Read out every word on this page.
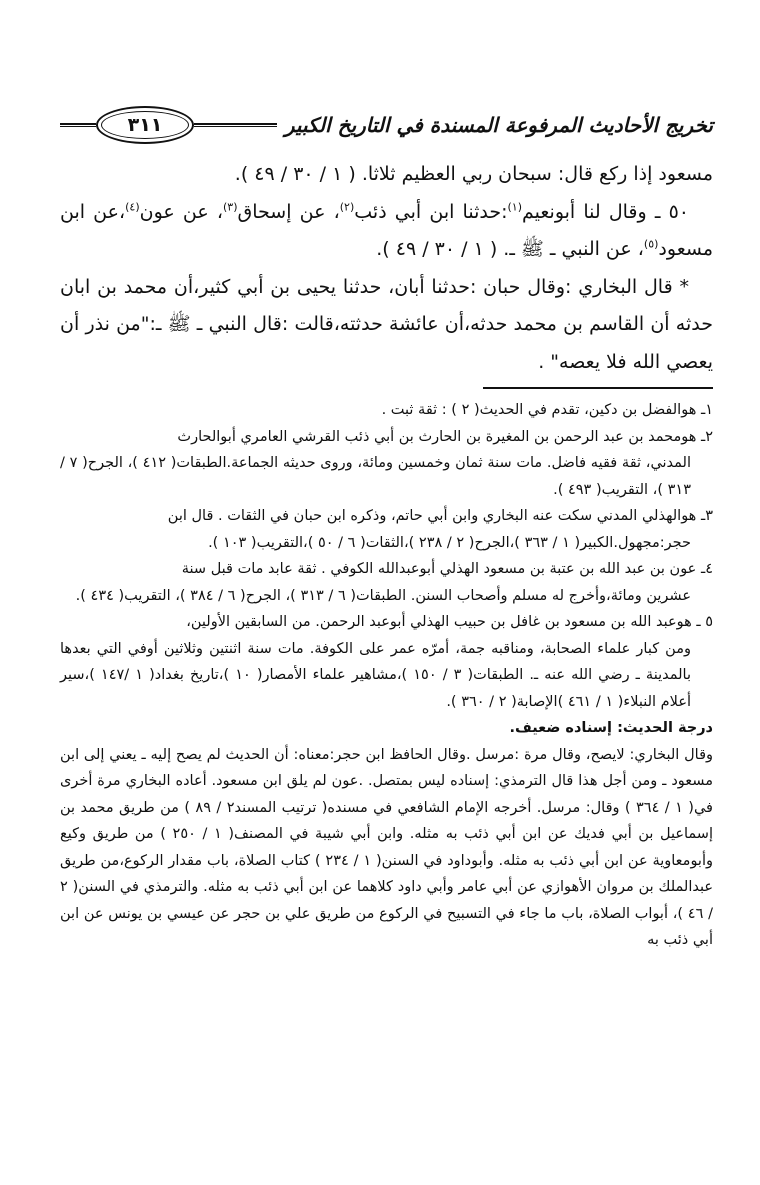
تخريج الأحاديث المرفوعة المسندة في التاريخ الكبير
٣١١

مسعود إذا ركع قال: سبحان ربي العظيم ثلاثا. ( ١ / ٣٠ / ٤٩ ).

٥٠ ـ وقال لنا أبونعيم$^{(١)}$:حدثنا ابن أبي ذئب$^{(٢)}$، عن إسحاق$^{(٣)}$، عن عون$^{(٤)}$،عن ابن مسعود$^{(٥)}$، عن النبي ـ ﷺ ـ. ( ١ / ٣٠ / ٤٩ ).

* قال البخاري :وقال حبان :حدثنا أبان، حدثنا يحيى بن أبي كثير،أن محمد بن ابان حدثه أن القاسم بن محمد حدثه،أن عائشة حدثته،قالت :قال النبي ـ ﷺ ـ:"من نذر أن يعصي الله فلا يعصه" .

١ـ هوالفضل بن دكين، تقدم في الحديث( ٢ ) : ثقة ثبت .

٢ـ هومحمد بن عبد الرحمن بن المغيرة بن الحارث بن أبي ذئب القرشي العامري أبوالحارث

المدني، ثقة فقيه فاضل. مات سنة ثمان وخمسين ومائة، وروى حديثه الجماعة.الطبقات( ٤١٢ )، الجرح( ٧ / ٣١٣ )، التقريب( ٤٩٣ ).

٣ـ هوالهذلي المدني سكت عنه البخاري وابن أبي حاتم، وذكره ابن حبان في الثقات . قال ابن

حجر:مجهول.الكبير( ١ / ٣٦٣ )،الجرح( ٢ / ٢٣٨ )،الثقات( ٦ / ٥٠ )،التقريب( ١٠٣ ).

٤ـ عون بن عبد الله بن عتبة بن مسعود الهذلي أبوعبدالله الكوفي . ثقة عابد مات قبل سنة

عشرين ومائة،وأخرج له مسلم وأصحاب السنن. الطبقات( ٦ / ٣١٣ )، الجرح( ٦ / ٣٨٤ )، التقريب( ٤٣٤ ).

٥ ـ هوعبد الله بن مسعود بن غافل بن حبيب الهذلي أبوعبد الرحمن. من السابقين الأولين،

ومن كبار علماء الصحابة، ومناقبه جمة، أمرّه عمر على الكوفة. مات سنة اثنتين وثلاثين أوفي التي بعدها بالمدينة ـ رضي الله عنه ـ. الطبقات( ٣ / ١٥٠ )،مشاهير علماء الأمصار( ١٠ )،تاريخ بغداد( ١ /١٤٧ )،سير أعلام النبلاء( ١ / ٤٦١ )الإصابة( ٢ / ٣٦٠ ).

درجة الحديث: إسناده ضعيف.

وقال البخاري: لايصح، وقال مرة :مرسل .وقال الحافظ ابن حجر:معناه: أن الحديث لم يصح إليه ـ يعني إلى ابن مسعود ـ ومن أجل هذا قال الترمذي: إسناده ليس بمتصل. .عون لم يلق ابن مسعود. أعاده البخاري مرة أخرى في( ١ / ٣٦٤ ) وقال: مرسل. أخرجه الإمام الشافعي في مسنده( ترتيب المسند٢ / ٨٩ ) من طريق محمد بن إسماعيل بن أبي فديك عن ابن أبي ذئب به مثله. وابن أبي شيبة في المصنف( ١ / ٢٥٠ ) من طريق وكيع وأبومعاوية عن ابن أبي ذئب به مثله. وأبوداود في السنن( ١ / ٢٣٤ ) كتاب الصلاة، باب مقدار الركوع،من طريق عبدالملك بن مروان الأهوازي عن أبي عامر وأبي داود كلاهما عن ابن أبي ذئب به مثله. والترمذي في السنن( ٢ / ٤٦ )، أبواب الصلاة، باب ما جاء في التسبيح في الركوع من طريق علي بن حجر عن عيسي بن يونس عن ابن أبي ذئب به
